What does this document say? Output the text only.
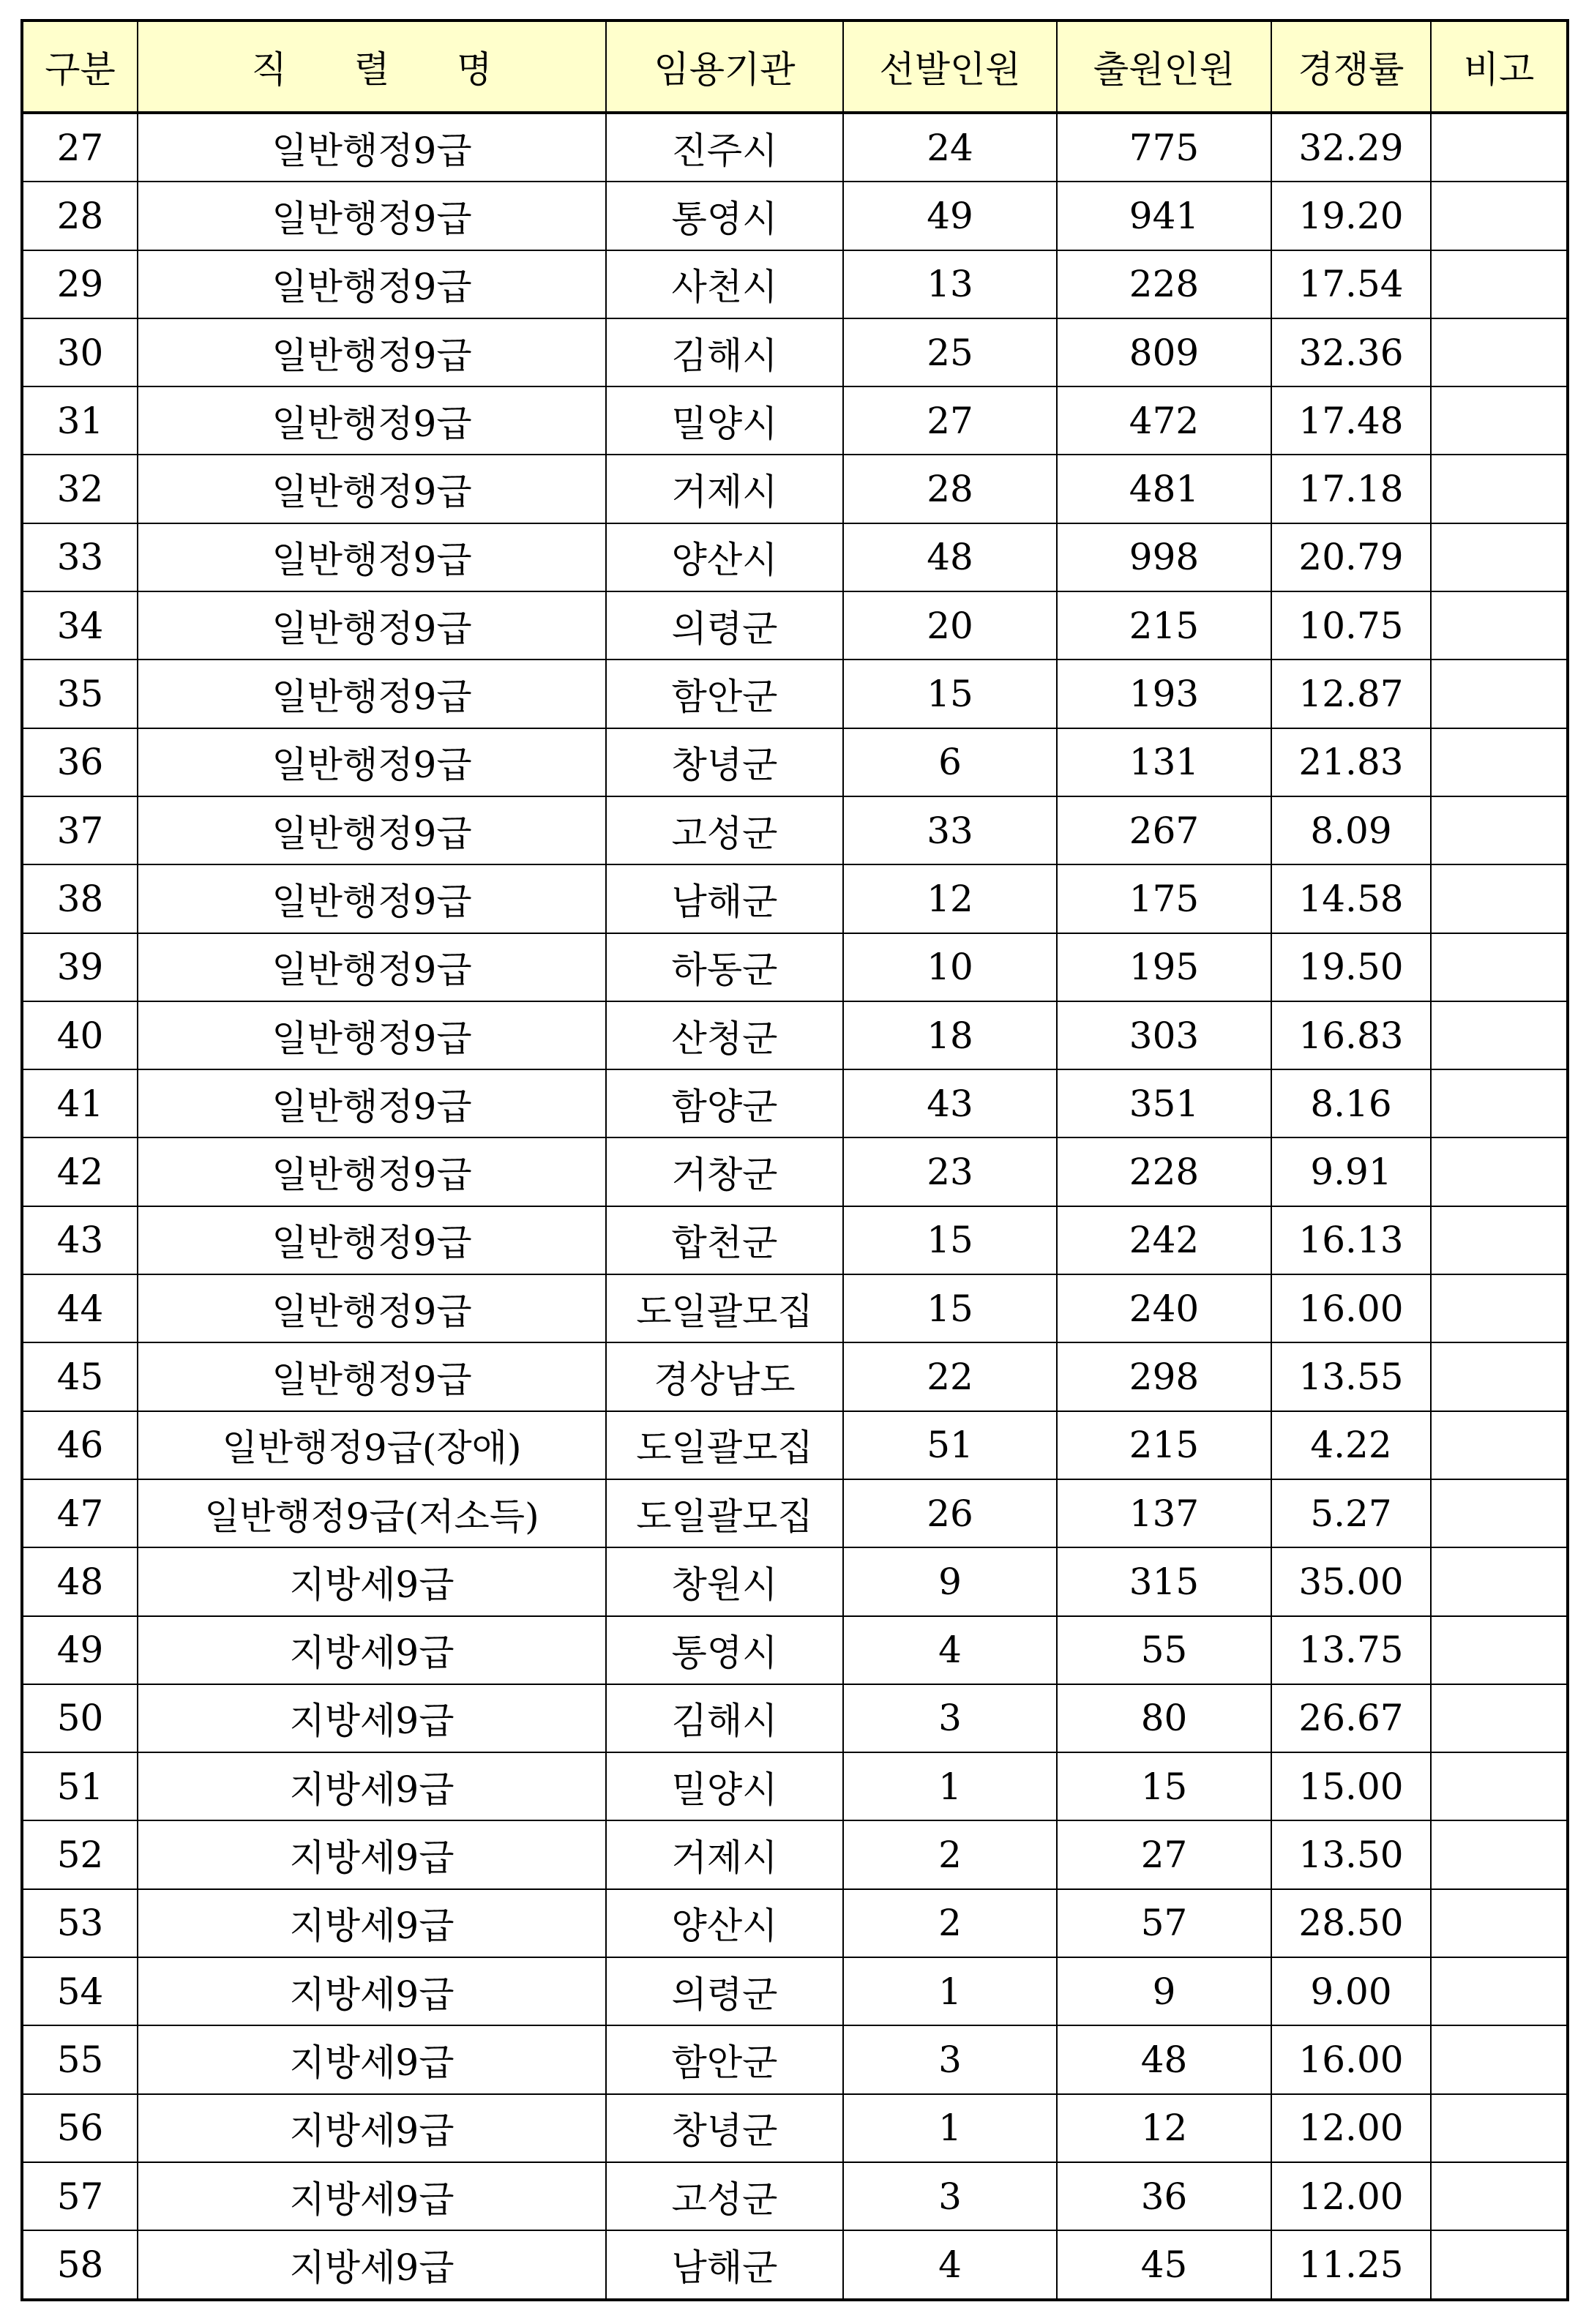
구분	직 렬 명	임용기관	선발인원	출원인원	경쟁률	비고
27	일반행정9급	진주시	24	775	32.29	
28	일반행정9급	통영시	49	941	19.20	
29	일반행정9급	사천시	13	228	17.54	
30	일반행정9급	김해시	25	809	32.36	
31	일반행정9급	밀양시	27	472	17.48	
32	일반행정9급	거제시	28	481	17.18	
33	일반행정9급	양산시	48	998	20.79	
34	일반행정9급	의령군	20	215	10.75	
35	일반행정9급	함안군	15	193	12.87	
36	일반행정9급	창녕군	6	131	21.83	
37	일반행정9급	고성군	33	267	8.09	
38	일반행정9급	남해군	12	175	14.58	
39	일반행정9급	하동군	10	195	19.50	
40	일반행정9급	산청군	18	303	16.83	
41	일반행정9급	함양군	43	351	8.16	
42	일반행정9급	거창군	23	228	9.91	
43	일반행정9급	합천군	15	242	16.13	
44	일반행정9급	도일괄모집	15	240	16.00	
45	일반행정9급	경상남도	22	298	13.55	
46	일반행정9급(장애)	도일괄모집	51	215	4.22	
47	일반행정9급(저소득)	도일괄모집	26	137	5.27	
48	지방세9급	창원시	9	315	35.00	
49	지방세9급	통영시	4	55	13.75	
50	지방세9급	김해시	3	80	26.67	
51	지방세9급	밀양시	1	15	15.00	
52	지방세9급	거제시	2	27	13.50	
53	지방세9급	양산시	2	57	28.50	
54	지방세9급	의령군	1	9	9.00	
55	지방세9급	함안군	3	48	16.00	
56	지방세9급	창녕군	1	12	12.00	
57	지방세9급	고성군	3	36	12.00	
58	지방세9급	남해군	4	45	11.25	
